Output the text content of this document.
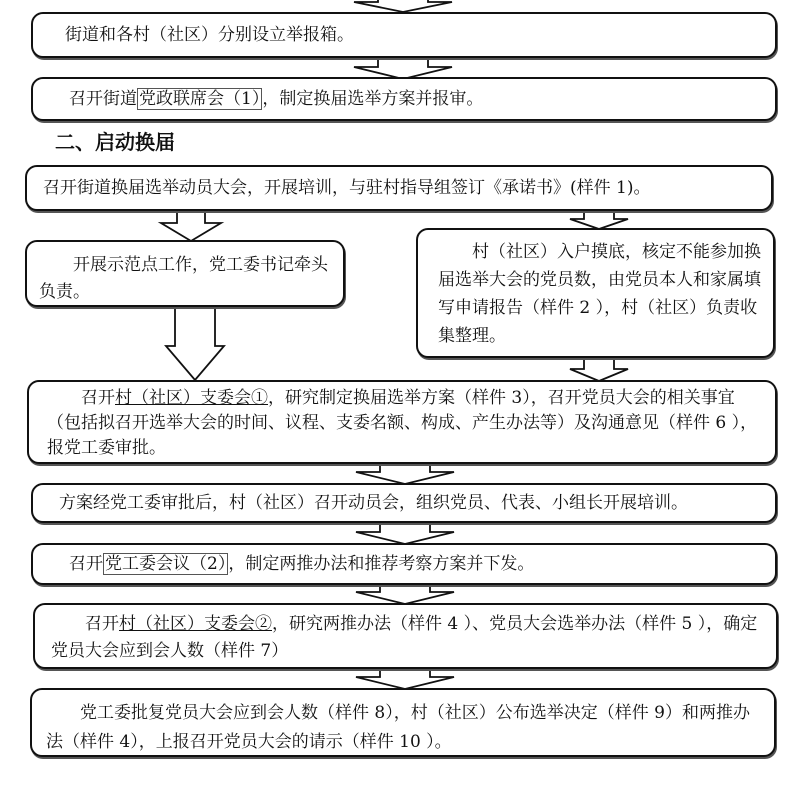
街道和各村（社区）分别设立举报箱。
召开街道 党政联席会（1） ，制定换届选举方案并报审。
二、启动换届
召开街道换届选举动员大会，开展培训，与驻村指导组签订《承诺书》(样件 1)。
开展示范点工作，党工委书记牵头负责。
村（社区）入户摸底，核定不能参加换届选举大会的党员数，由党员本人和家属填写申请报告（样件 2 ），村（社区）负责收集整理。
召开村（社区）支委会①，研究制定换届选举方案（样件 3），召开党员大会的相关事宜（包括拟召开选举大会的时间、议程、支委名额、构成、产生办法等）及沟通意见（样件 6 ），报党工委审批。
方案经党工委审批后，村（社区）召开动员会，组织党员、代表、小组长开展培训。
召开 党工委会议（2） ，制定两推办法和推荐考察方案并下发。
召开村（社区）支委会②，研究两推办法（样件 4 ）、党员大会选举办法（样件 5 ），确定党员大会应到会人数（样件 7）
党工委批复党员大会应到会人数（样件 8），村（社区）公布选举决定（样件 9）和两推办法（样件 4），上报召开党员大会的请示（样件 10 ）。
